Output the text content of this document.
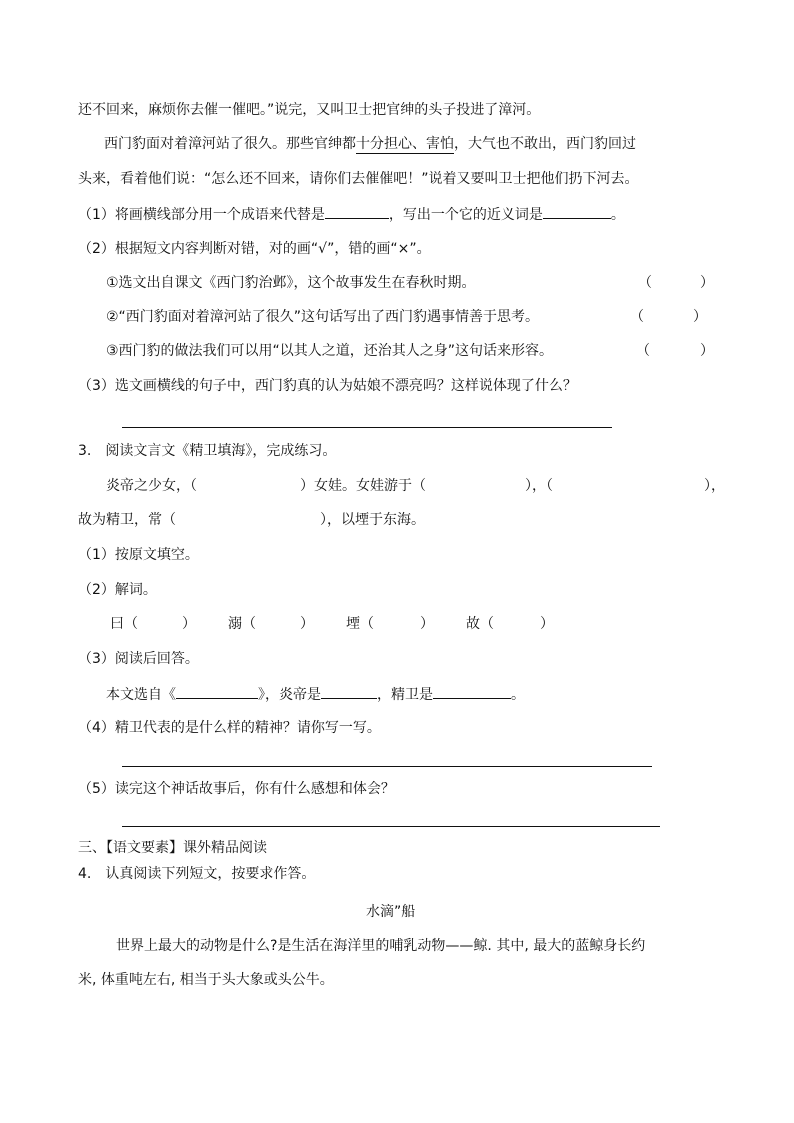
还不回来，麻烦你去催一催吧。”说完，又叫卫士把官绅的头子投进了漳河。
西门豹面对着漳河站了很久。那些官绅都十分担心、害怕，大气也不敢出，西门豹回过
头来，看着他们说：“怎么还不回来，请你们去催催吧！”说着又要叫卫士把他们扔下河去。
（1）将画横线部分用一个成语来代替是	，写出一个它的近义词是	。
（2）根据短文内容判断对错，对的画“√”，错的画“×”。
①选文出自课文《西门豹治邺》，这个故事发生在春秋时期。	（	）
②“西门豹面对着漳河站了很久”这句话写出了西门豹遇事情善于思考。	（	）
③西门豹的做法我们可以用“以其人之道，还治其人之身”这句话来形容。	（	）
（3）选文画横线的句子中，西门豹真的认为姑娘不漂亮吗？这样说体现了什么？
3.　阅读文言文《精卫填海》，完成练习。
炎帝之少女，（	）女娃。女娃游于（	），（	），
故为精卫，常（	），以堙于东海。
（1）按原文填空。
（2）解词。
曰（	） 溺（	） 堙（	） 故（	）
（3）阅读后回答。
本文选自《	》，炎帝是	，精卫是	。
（4）精卫代表的是什么样的精神？请你写一写。
（5）读完这个神话故事后，你有什么感想和体会？
三、【语文要素】课外精品阅读
4.　认真阅读下列短文，按要求作答。
水滴”船
世界上最大的动物是什么?是生活在海洋里的哺乳动物——鲸. 其中, 最大的蓝鲸身长约
米, 体重吨左右, 相当于头大象或头公牛。
